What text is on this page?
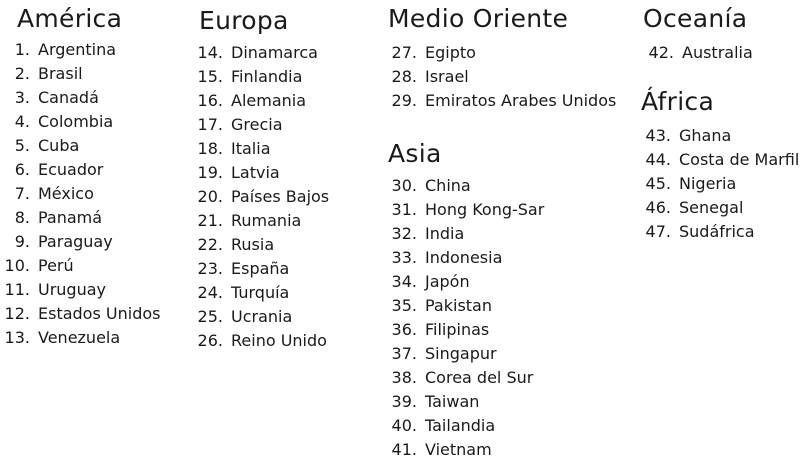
América
1. Argentina
2. Brasil
3. Canadá
4. Colombia
5. Cuba
6. Ecuador
7. México
8. Panamá
9. Paraguay
10. Perú
11. Uruguay
12. Estados Unidos
13. Venezuela
Europa
14. Dinamarca
15. Finlandia
16. Alemania
17. Grecia
18. Italia
19. Latvia
20. Países Bajos
21. Rumania
22. Rusia
23. España
24. Turquía
25. Ucrania
26. Reino Unido
Medio Oriente
27. Egipto
28. Israel
29. Emiratos Arabes Unidos
Asia
30. China
31. Hong Kong-Sar
32. India
33. Indonesia
34. Japón
35. Pakistan
36. Filipinas
37. Singapur
38. Corea del Sur
39. Taiwan
40. Tailandia
41. Vietnam
Oceanía
42. Australia
África
43. Ghana
44. Costa de Marfil
45. Nigeria
46. Senegal
47. Sudáfrica
